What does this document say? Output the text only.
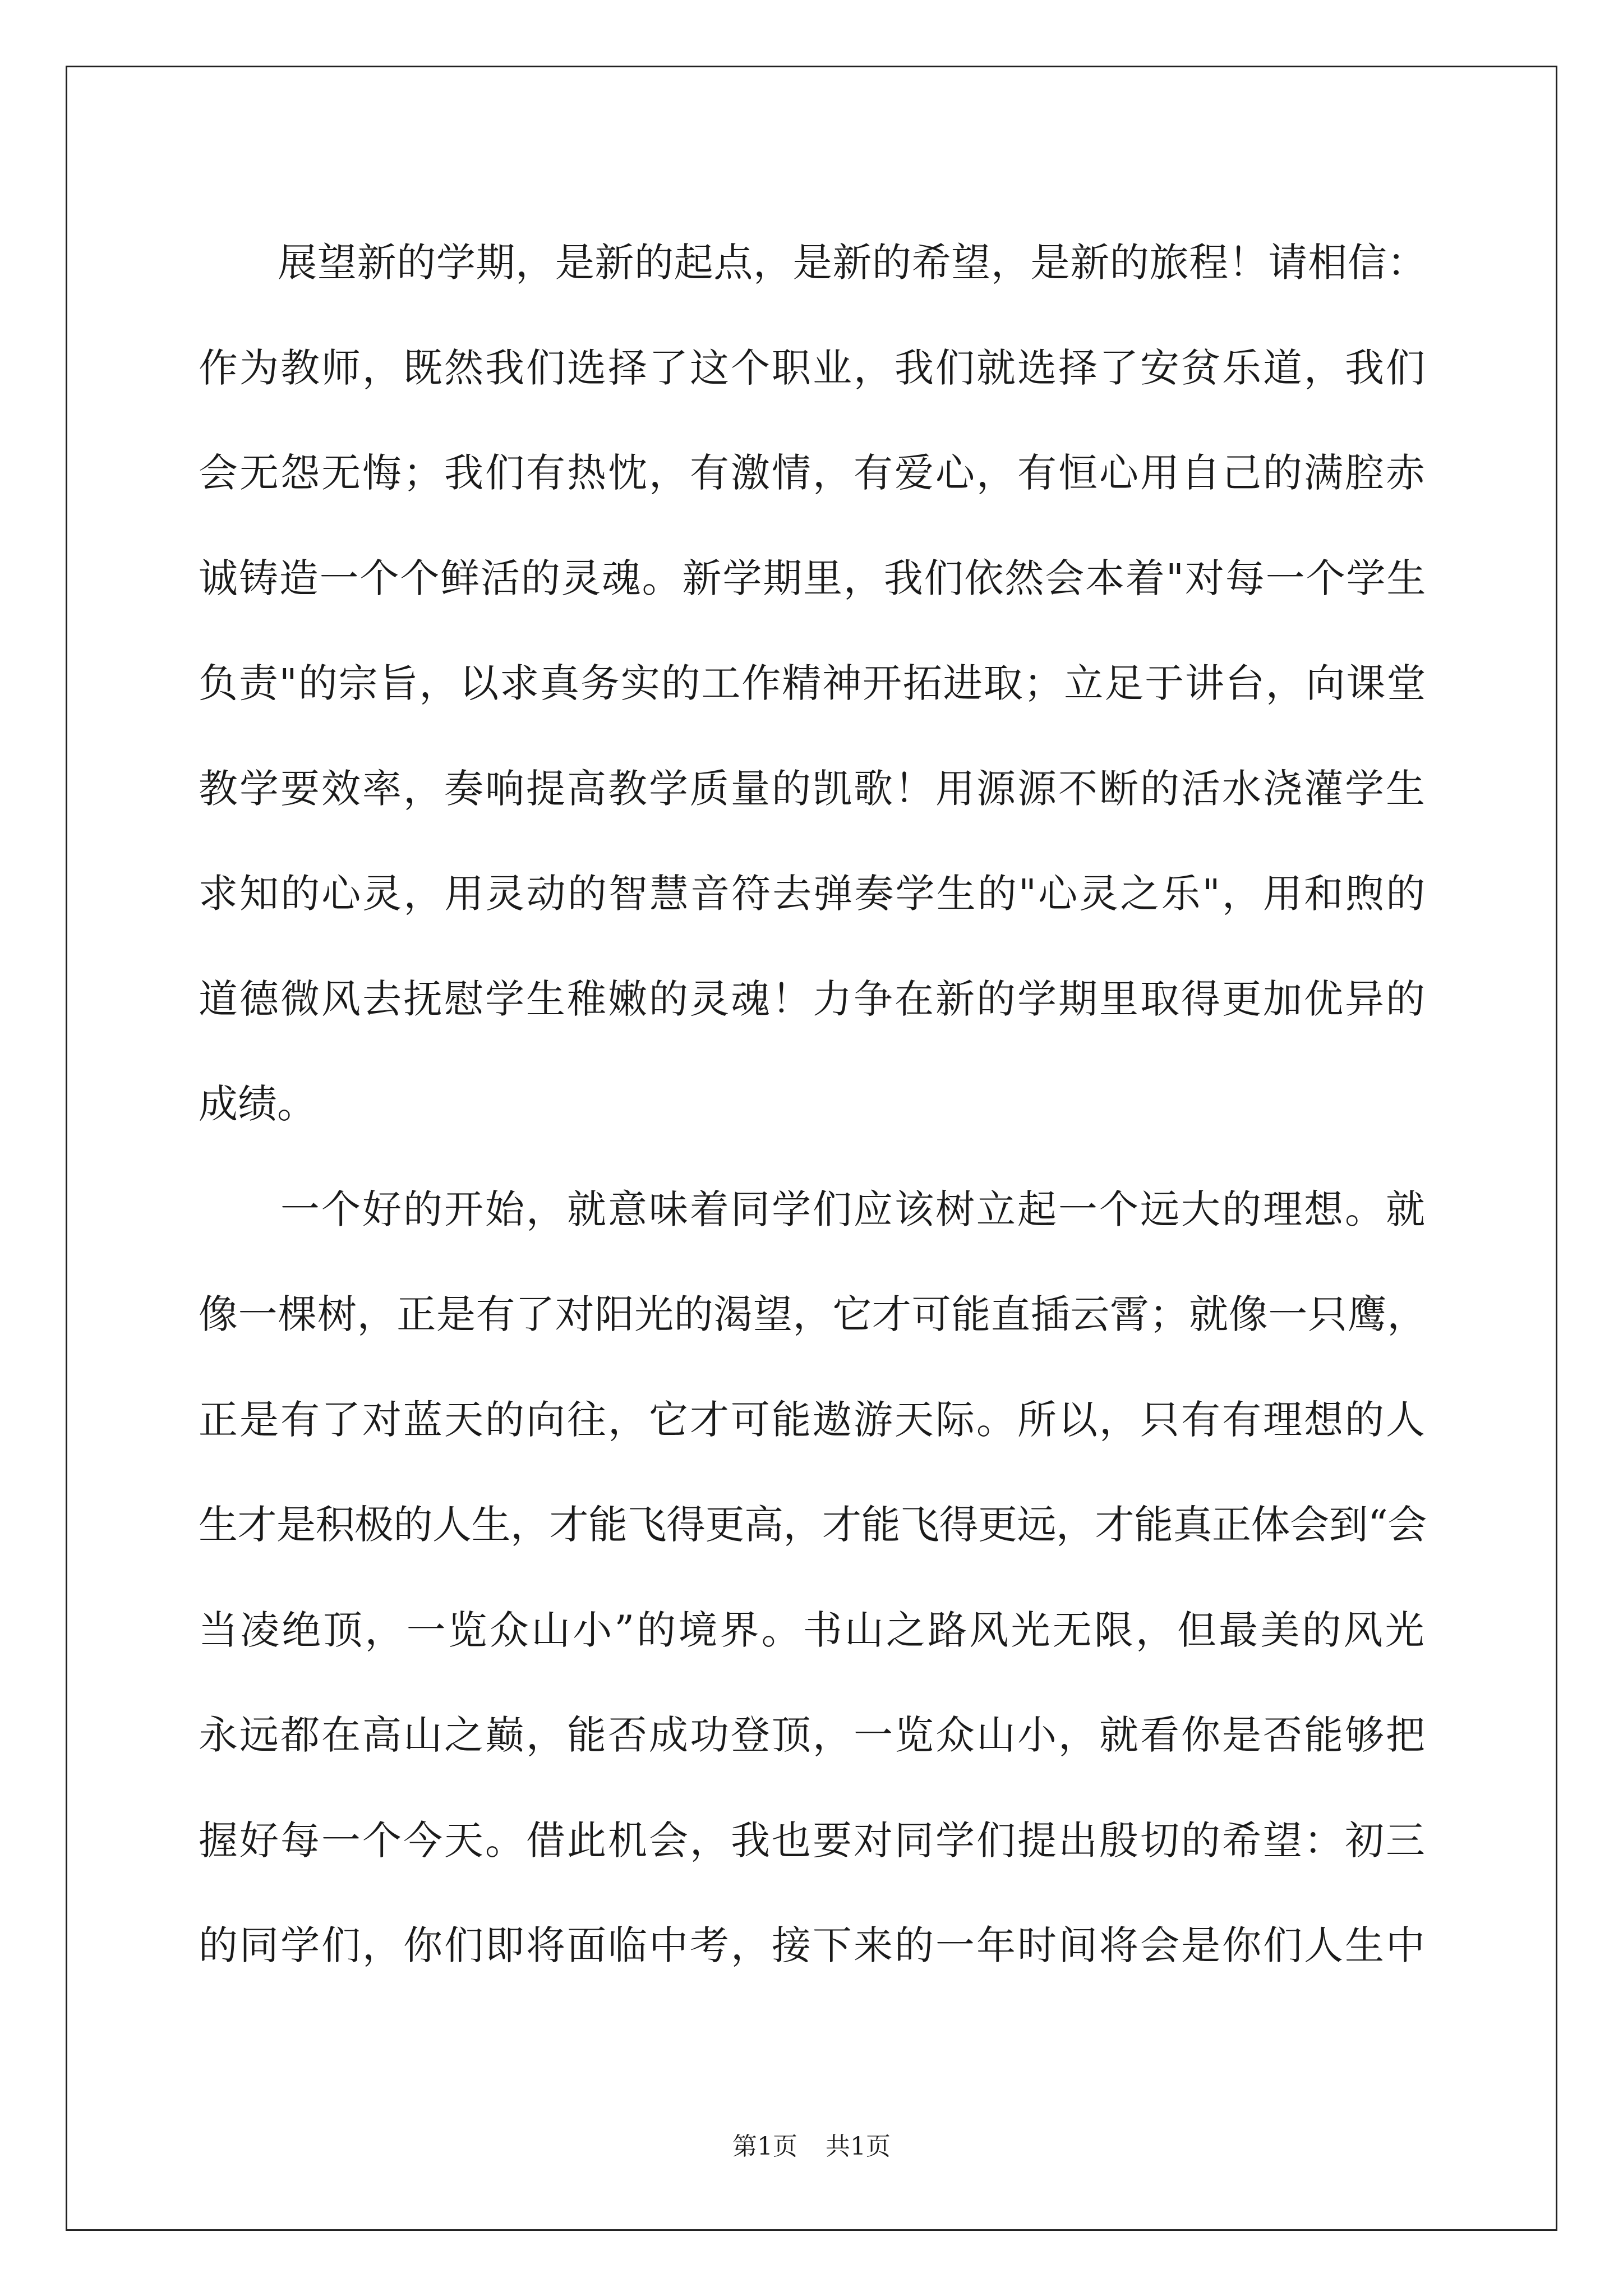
　　展望新的学期，是新的起点，是新的希望，是新的旅程！请相信：
作为教师，既然我们选择了这个职业，我们就选择了安贫乐道，我们
会无怨无悔；我们有热忱，有激情，有爱心，有恒心用自己的满腔赤
诚铸造一个个鲜活的灵魂。新学期里，我们依然会本着"对每一个学生
负责"的宗旨，以求真务实的工作精神开拓进取；立足于讲台，向课堂
教学要效率，奏响提高教学质量的凯歌！用源源不断的活水浇灌学生
求知的心灵，用灵动的智慧音符去弹奏学生的"心灵之乐"，用和煦的
道德微风去抚慰学生稚嫩的灵魂！力争在新的学期里取得更加优异的
成绩。
　　一个好的开始，就意味着同学们应该树立起一个远大的理想。就
像一棵树，正是有了对阳光的渴望，它才可能直插云霄；就像一只鹰，
正是有了对蓝天的向往，它才可能遨游天际。所以，只有有理想的人
生才是积极的人生，才能飞得更高，才能飞得更远，才能真正体会到“会
当凌绝顶，一览众山小”的境界。书山之路风光无限，但最美的风光
永远都在高山之巅，能否成功登顶，一览众山小，就看你是否能够把
握好每一个今天。借此机会，我也要对同学们提出殷切的希望：初三
的同学们，你们即将面临中考，接下来的一年时间将会是你们人生中
第1页 共1页
